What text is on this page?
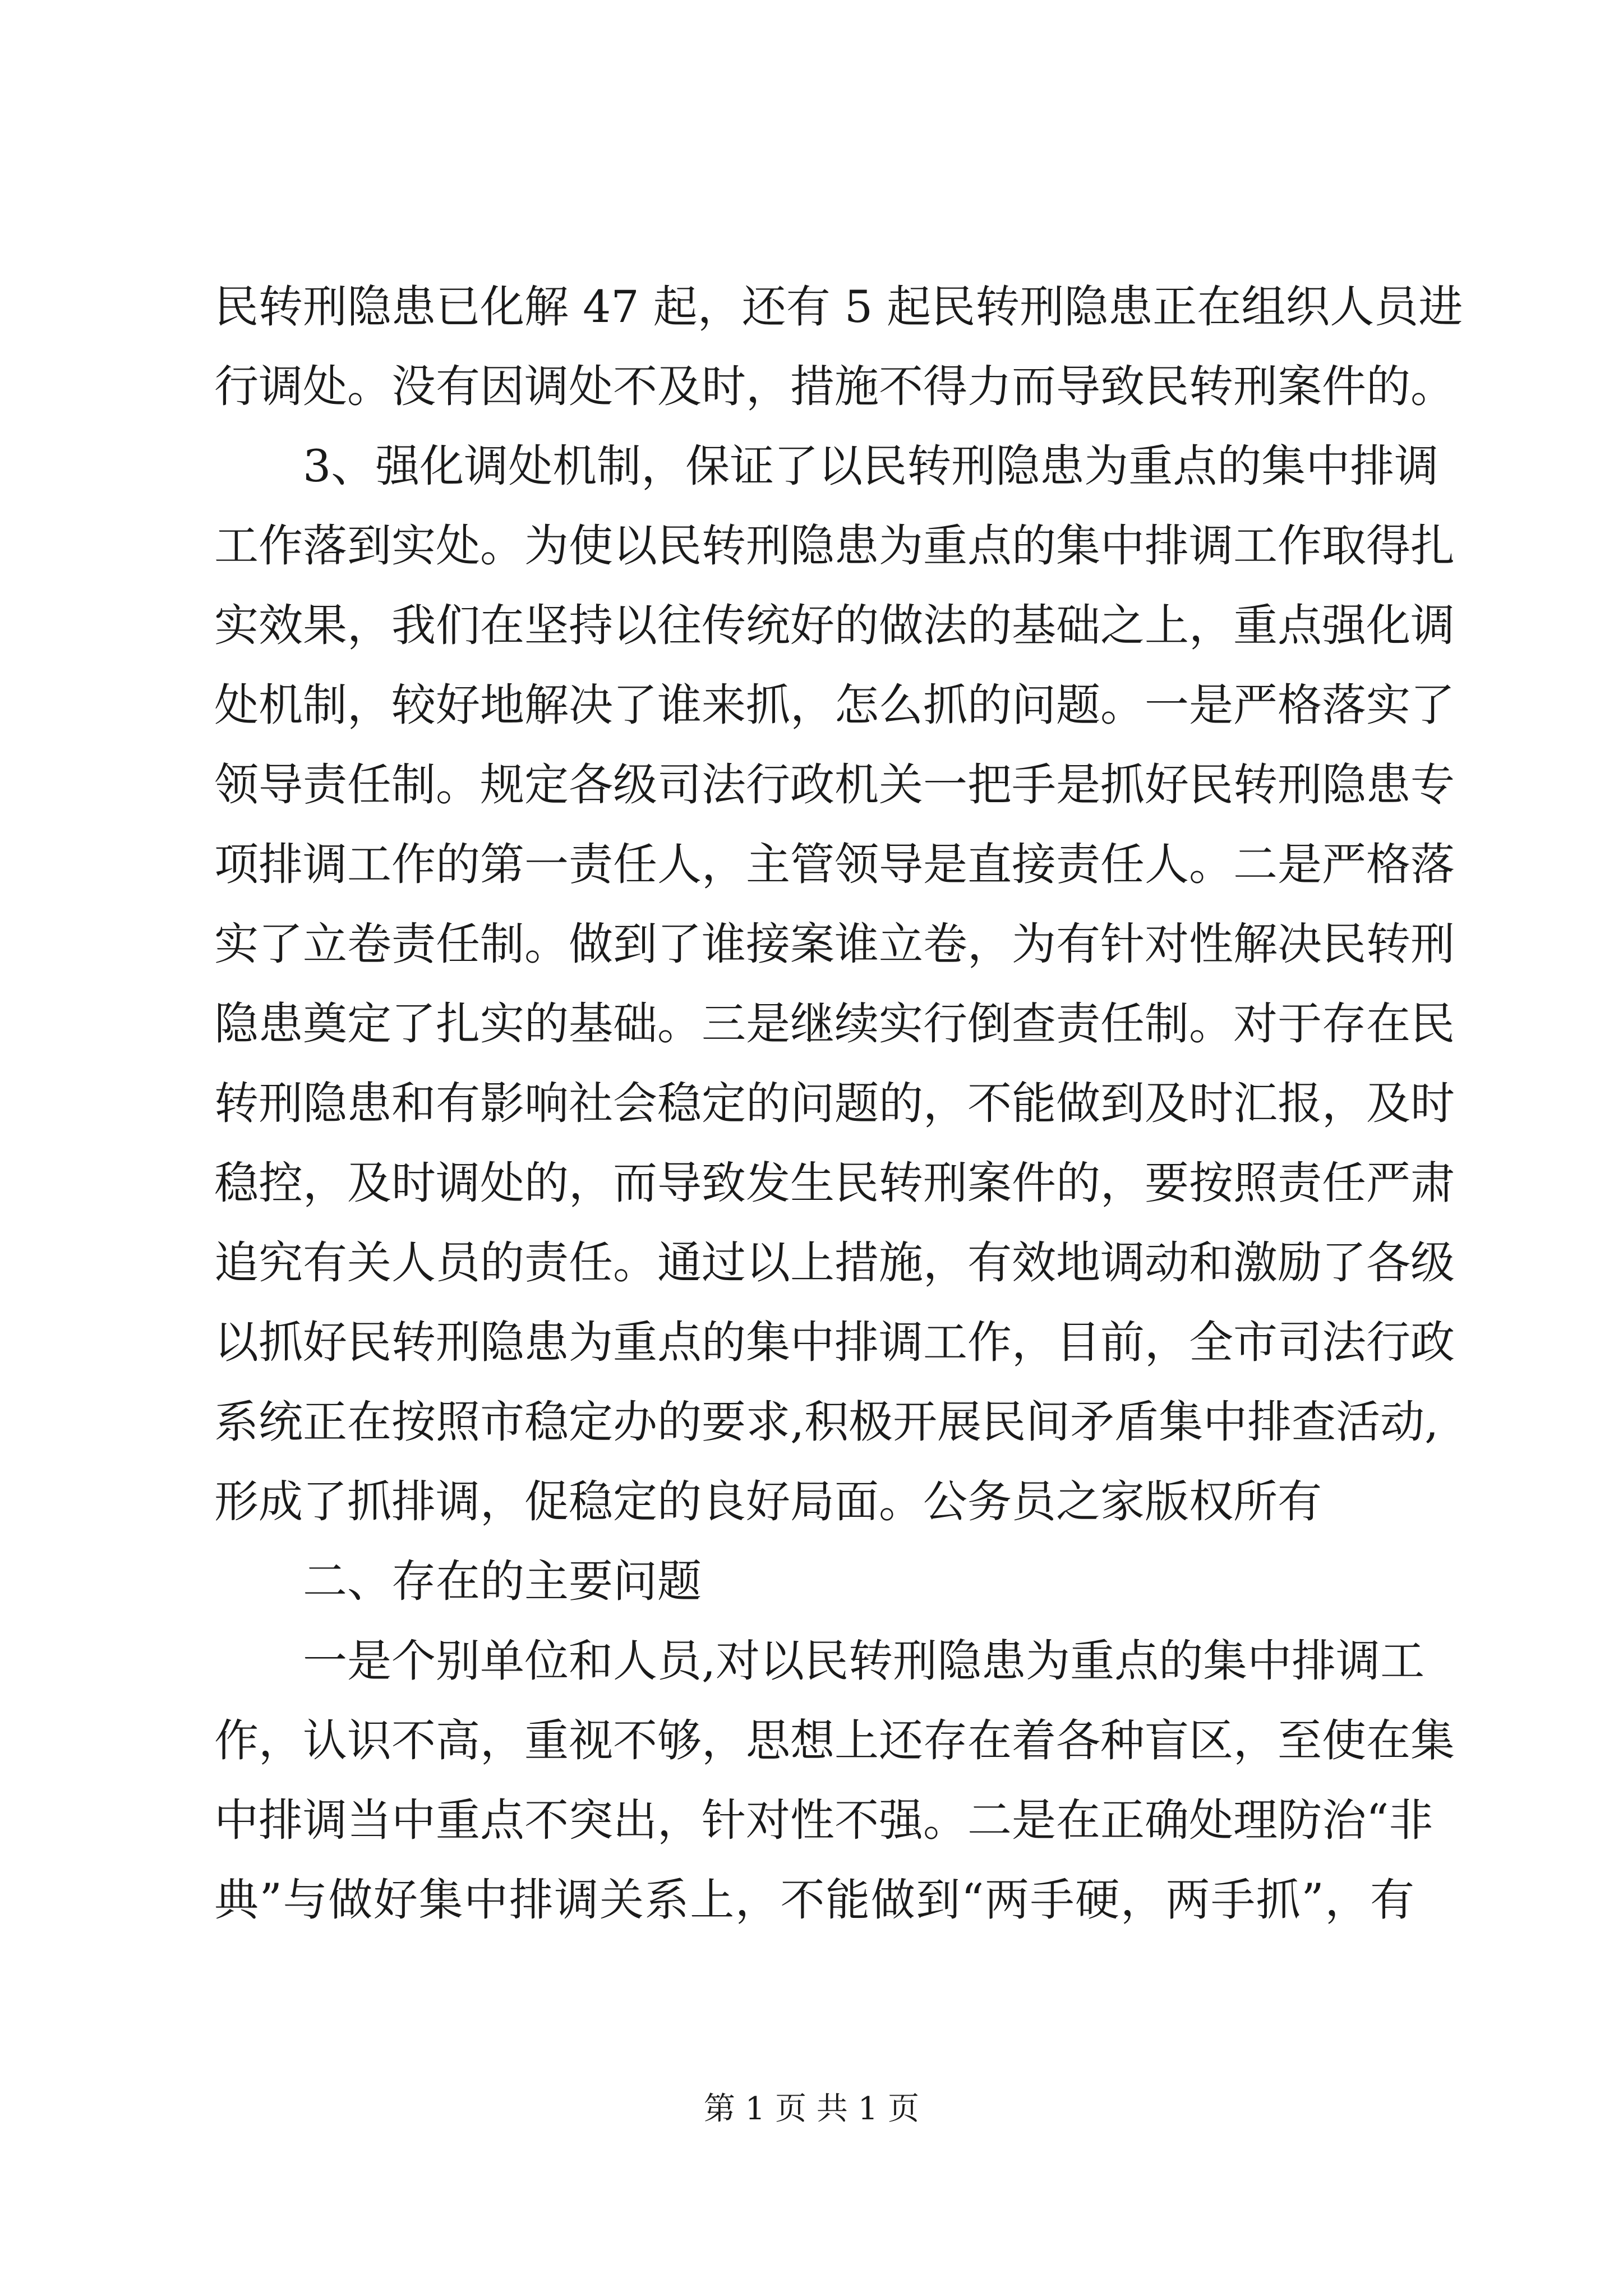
民转刑隐患已化解 47 起，还有 5 起民转刑隐患正在组织人员进
行调处。没有因调处不及时，措施不得力而导致民转刑案件的。
3、强化调处机制，保证了以民转刑隐患为重点的集中排调
工作落到实处。为使以民转刑隐患为重点的集中排调工作取得扎
实效果，我们在坚持以往传统好的做法的基础之上，重点强化调
处机制，较好地解决了谁来抓，怎么抓的问题。一是严格落实了
领导责任制。规定各级司法行政机关一把手是抓好民转刑隐患专
项排调工作的第一责任人，主管领导是直接责任人。二是严格落
实了立卷责任制。做到了谁接案谁立卷，为有针对性解决民转刑
隐患奠定了扎实的基础。三是继续实行倒查责任制。对于存在民
转刑隐患和有影响社会稳定的问题的，不能做到及时汇报，及时
稳控，及时调处的，而导致发生民转刑案件的，要按照责任严肃
追究有关人员的责任。通过以上措施，有效地调动和激励了各级
以抓好民转刑隐患为重点的集中排调工作，目前，全市司法行政
系统正在按照市稳定办的要求,积极开展民间矛盾集中排查活动,
形成了抓排调，促稳定的良好局面。公务员之家版权所有
二、存在的主要问题
一是个别单位和人员,对以民转刑隐患为重点的集中排调工
作，认识不高，重视不够，思想上还存在着各种盲区，至使在集
中排调当中重点不突出，针对性不强。二是在正确处理防治“非
典”与做好集中排调关系上，不能做到“两手硬，两手抓”，有
第 1 页 共 1 页
